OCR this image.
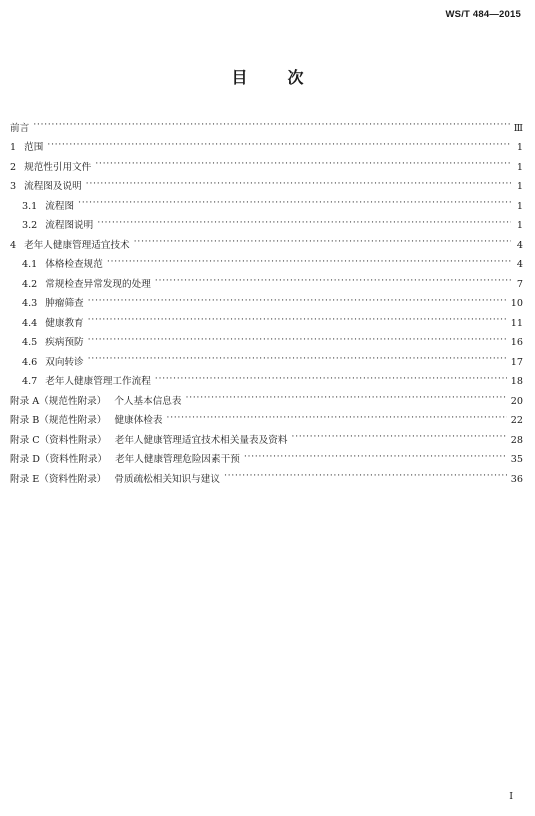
WS/T 484—2015
目	次
前言 ·····	Ⅲ
1 范围 ·····	1
2 规范性引用文件 ·····	1
3 流程图及说明 ·····	1
3.1 流程图 ·····	1
3.2 流程图说明 ·····	1
4 老年人健康管理适宜技术 ·····	4
4.1 体格检查规范 ·····	4
4.2 常规检查异常发现的处理 ·····	7
4.3 肿瘤筛查 ·····	10
4.4 健康教育 ·····	11
4.5 疾病预防 ·····	16
4.6 双向转诊 ·····	17
4.7 老年人健康管理工作流程 ·····	18
附录 A（规范性附录） 个人基本信息表 ·····	20
附录 B（规范性附录） 健康体检表 ·····	22
附录 C（资料性附录） 老年人健康管理适宜技术相关量表及资料 ·····	28
附录 D（资料性附录） 老年人健康管理危险因素干预 ·····	35
附录 E（资料性附录） 骨质疏松相关知识与建议 ·····	36
I
